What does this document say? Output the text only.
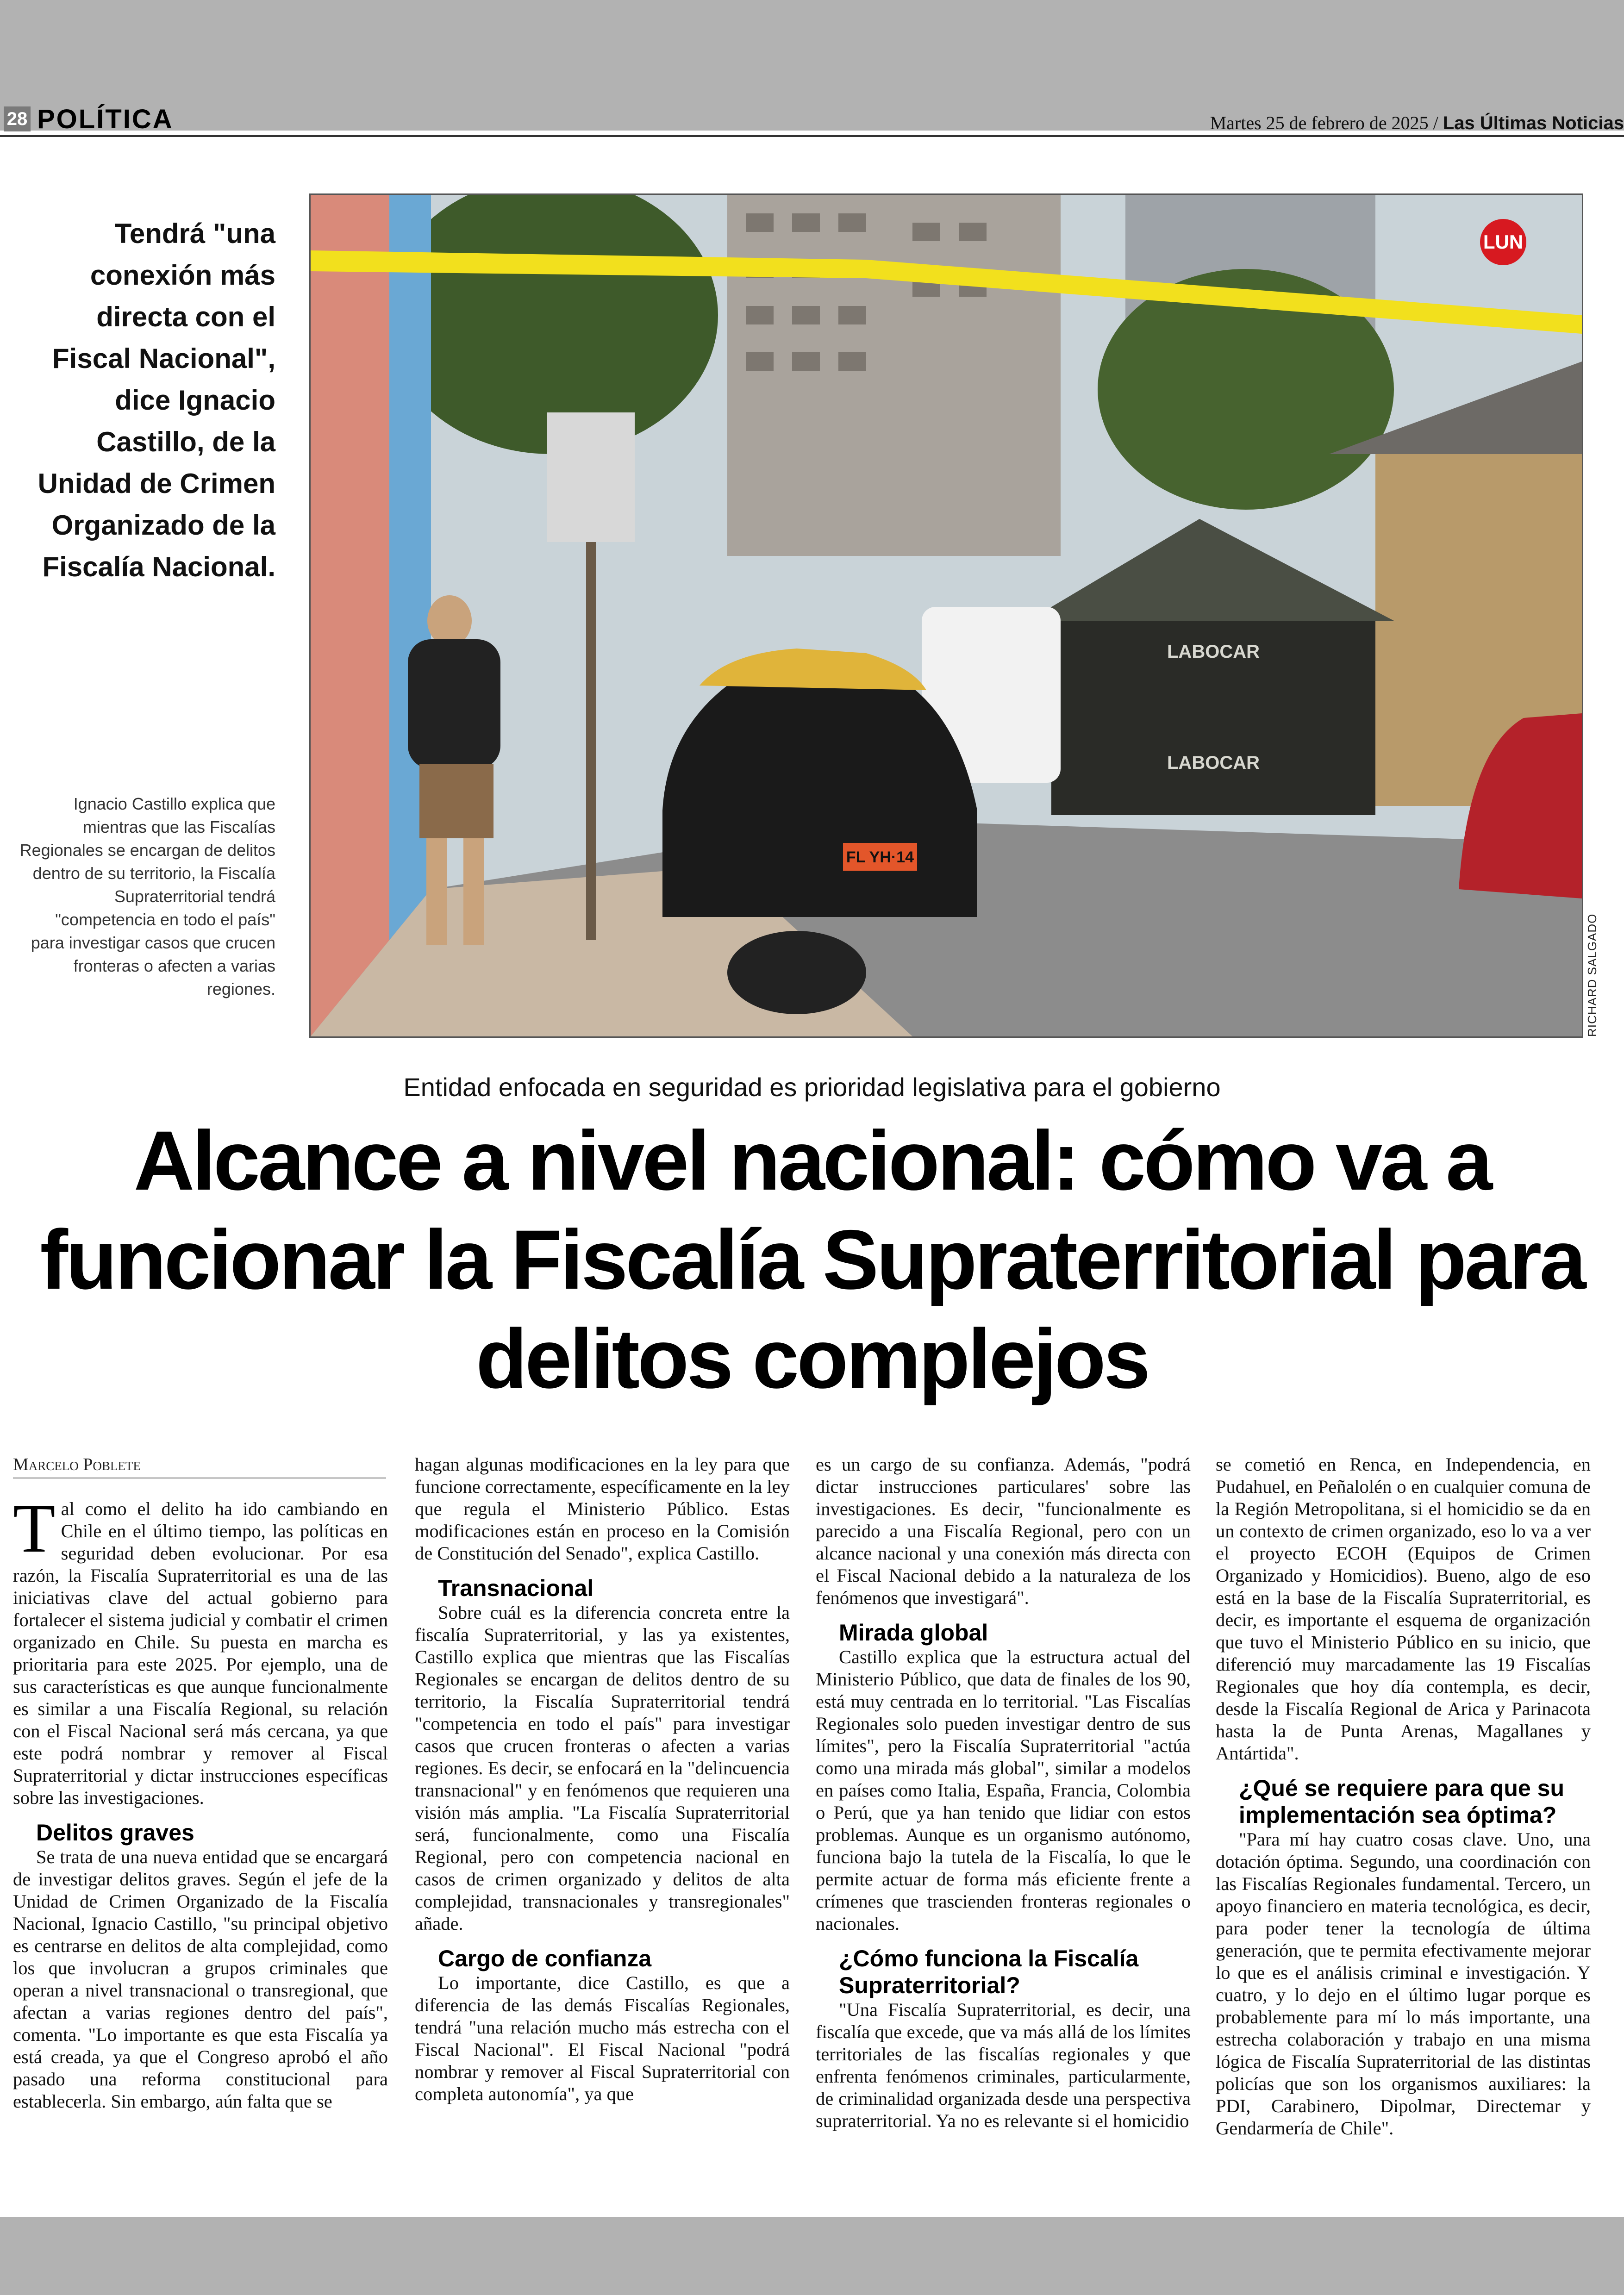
28 POLÍTICA	Martes 25 de febrero de 2025 / Las Últimas Noticias
Tendrá "una conexión más directa con el Fiscal Nacional", dice Ignacio Castillo, de la Unidad de Crimen Organizado de la Fiscalía Nacional.
Ignacio Castillo explica que mientras que las Fiscalías Regionales se encargan de delitos dentro de su territorio, la Fiscalía Supraterritorial tendrá "competencia en todo el país" para investigar casos que crucen fronteras o afecten a varias regiones.
LABOCAR
LABOCAR
FL YH·14
LUN
RICHARD SALGADO
Entidad enfocada en seguridad es prioridad legislativa para el gobierno
Alcance a nivel nacional: cómo va a funcionar la Fiscalía Supraterritorial para delitos complejos
Marcelo Poblete

Tal como el delito ha ido cambiando en Chile en el último tiempo, las políticas en seguridad deben evolucionar. Por esa razón, la Fiscalía Supraterritorial es una de las iniciativas clave del actual gobierno para fortalecer el sistema judicial y combatir el crimen organizado en Chile. Su puesta en marcha es prioritaria para este 2025. Por ejemplo, una de sus características es que aunque funcionalmente es similar a una Fiscalía Regional, su relación con el Fiscal Nacional será más cercana, ya que este podrá nombrar y remover al Fiscal Supraterritorial y dictar instrucciones específicas sobre las investigaciones.

Delitos graves

Se trata de una nueva entidad que se encargará de investigar delitos graves. Según el jefe de la Unidad de Crimen Organizado de la Fiscalía Nacional, Ignacio Castillo, "su principal objetivo es centrarse en delitos de alta complejidad, como los que involucran a grupos criminales que operan a nivel transnacional o transregional, que afectan a varias regiones dentro del país", comenta. "Lo importante es que esta Fiscalía ya está creada, ya que el Congreso aprobó el año pasado una reforma constitucional para establecerla. Sin embargo, aún falta que se

hagan algunas modificaciones en la ley para que funcione correctamente, específicamente en la ley que regula el Ministerio Público. Estas modificaciones están en proceso en la Comisión de Constitución del Senado", explica Castillo.

Transnacional

Sobre cuál es la diferencia concreta entre la fiscalía Supraterritorial, y las ya existentes, Castillo explica que mientras que las Fiscalías Regionales se encargan de delitos dentro de su territorio, la Fiscalía Supraterritorial tendrá "competencia en todo el país" para investigar casos que crucen fronteras o afecten a varias regiones. Es decir, se enfocará en la "delincuencia transnacional" y en fenómenos que requieren una visión más amplia. "La Fiscalía Supraterritorial será, funcionalmente, como una Fiscalía Regional, pero con competencia nacional en casos de crimen organizado y delitos de alta complejidad, transnacionales y transregionales" añade.

Cargo de confianza

Lo importante, dice Castillo, es que a diferencia de las demás Fiscalías Regionales, tendrá "una relación mucho más estrecha con el Fiscal Nacional". El Fiscal Nacional "podrá nombrar y remover al Fiscal Supraterritorial con completa autonomía", ya que

es un cargo de su confianza. Además, "podrá dictar instrucciones particulares' sobre las investigaciones. Es decir, "funcionalmente es parecido a una Fiscalía Regional, pero con un alcance nacional y una conexión más directa con el Fiscal Nacional debido a la naturaleza de los fenómenos que investigará".

Mirada global

Castillo explica que la estructura actual del Ministerio Público, que data de finales de los 90, está muy centrada en lo territorial. "Las Fiscalías Regionales solo pueden investigar dentro de sus límites", pero la Fiscalía Supraterritorial "actúa como una mirada más global", similar a modelos en países como Italia, España, Francia, Colombia o Perú, que ya han tenido que lidiar con estos problemas. Aunque es un organismo autónomo, funciona bajo la tutela de la Fiscalía, lo que le permite actuar de forma más eficiente frente a crímenes que trascienden fronteras regionales o nacionales.

¿Cómo funciona la Fiscalía Supraterritorial?

"Una Fiscalía Supraterritorial, es decir, una fiscalía que excede, que va más allá de los límites territoriales de las fiscalías regionales y que enfrenta fenómenos criminales, particularmente, de criminalidad organizada desde una perspectiva supraterritorial. Ya no es relevante si el homicidio

se cometió en Renca, en Independencia, en Pudahuel, en Peñalolén o en cualquier comuna de la Región Metropolitana, si el homicidio se da en un contexto de crimen organizado, eso lo va a ver el proyecto ECOH (Equipos de Crimen Organizado y Homicidios). Bueno, algo de eso está en la base de la Fiscalía Supraterritorial, es decir, es importante el esquema de organización que tuvo el Ministerio Público en su inicio, que diferenció muy marcadamente las 19 Fiscalías Regionales que hoy día contempla, es decir, desde la Fiscalía Regional de Arica y Parinacota hasta la de Punta Arenas, Magallanes y Antártida".

¿Qué se requiere para que su implementación sea óptima?

"Para mí hay cuatro cosas clave. Uno, una dotación óptima. Segundo, una coordinación con las Fiscalías Regionales fundamental. Tercero, un apoyo financiero en materia tecnológica, es decir, para poder tener la tecnología de última generación, que te permita efectivamente mejorar lo que es el análisis criminal e investigación. Y cuatro, y lo dejo en el último lugar porque es probablemente para mí lo más importante, una estrecha colaboración y trabajo en una misma lógica de Fiscalía Supraterritorial de las distintas policías que son los organismos auxiliares: la PDI, Carabinero, Dipolmar, Directemar y Gendarmería de Chile".
